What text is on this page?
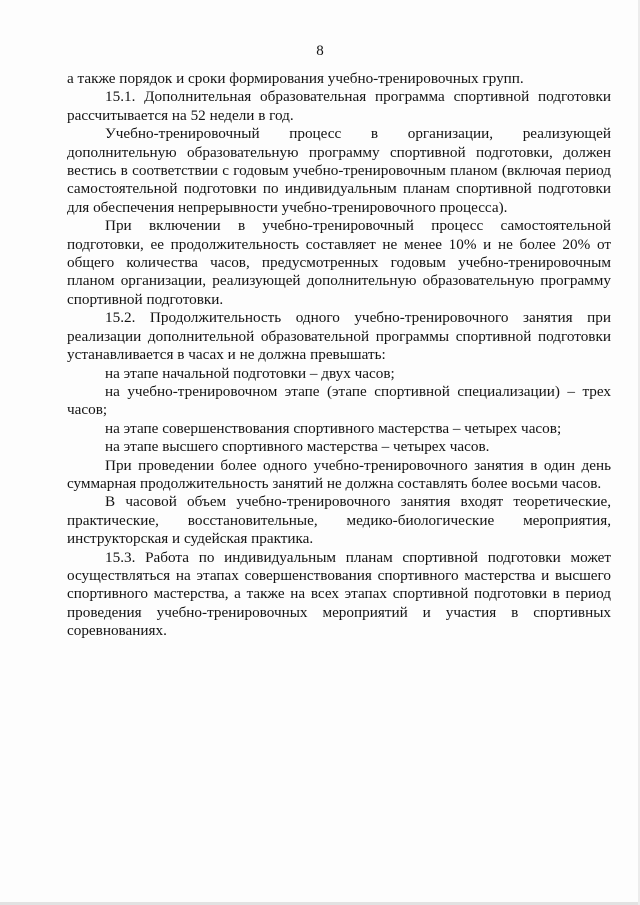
8

а также порядок и сроки формирования учебно-тренировочных групп.

15.1. Дополнительная образовательная программа спортивной подготовки рассчитывается на 52 недели в год.

Учебно-тренировочный процесс в организации, реализующей дополнительную образовательную программу спортивной подготовки, должен вестись в соответствии с годовым учебно-тренировочным планом (включая период самостоятельной подготовки по индивидуальным планам спортивной подготовки для обеспечения непрерывности учебно-тренировочного процесса).

При включении в учебно-тренировочный процесс самостоятельной подготовки, ее продолжительность составляет не менее 10% и не более 20% от общего количества часов, предусмотренных годовым учебно-тренировочным планом организации, реализующей дополнительную образовательную программу спортивной подготовки.

15.2. Продолжительность одного учебно-тренировочного занятия при реализации дополнительной образовательной программы спортивной подготовки устанавливается в часах и не должна превышать:

на этапе начальной подготовки – двух часов;

на учебно-тренировочном этапе (этапе спортивной специализации) – трех часов;

на этапе совершенствования спортивного мастерства – четырех часов;

на этапе высшего спортивного мастерства – четырех часов.

При проведении более одного учебно-тренировочного занятия в один день суммарная продолжительность занятий не должна составлять более восьми часов.

В часовой объем учебно-тренировочного занятия входят теоретические, практические, восстановительные, медико-биологические мероприятия, инструкторская и судейская практика.

15.3. Работа по индивидуальным планам спортивной подготовки может осуществляться на этапах совершенствования спортивного мастерства и высшего спортивного мастерства, а также на всех этапах спортивной подготовки в период проведения учебно-тренировочных мероприятий и участия в спортивных соревнованиях.
